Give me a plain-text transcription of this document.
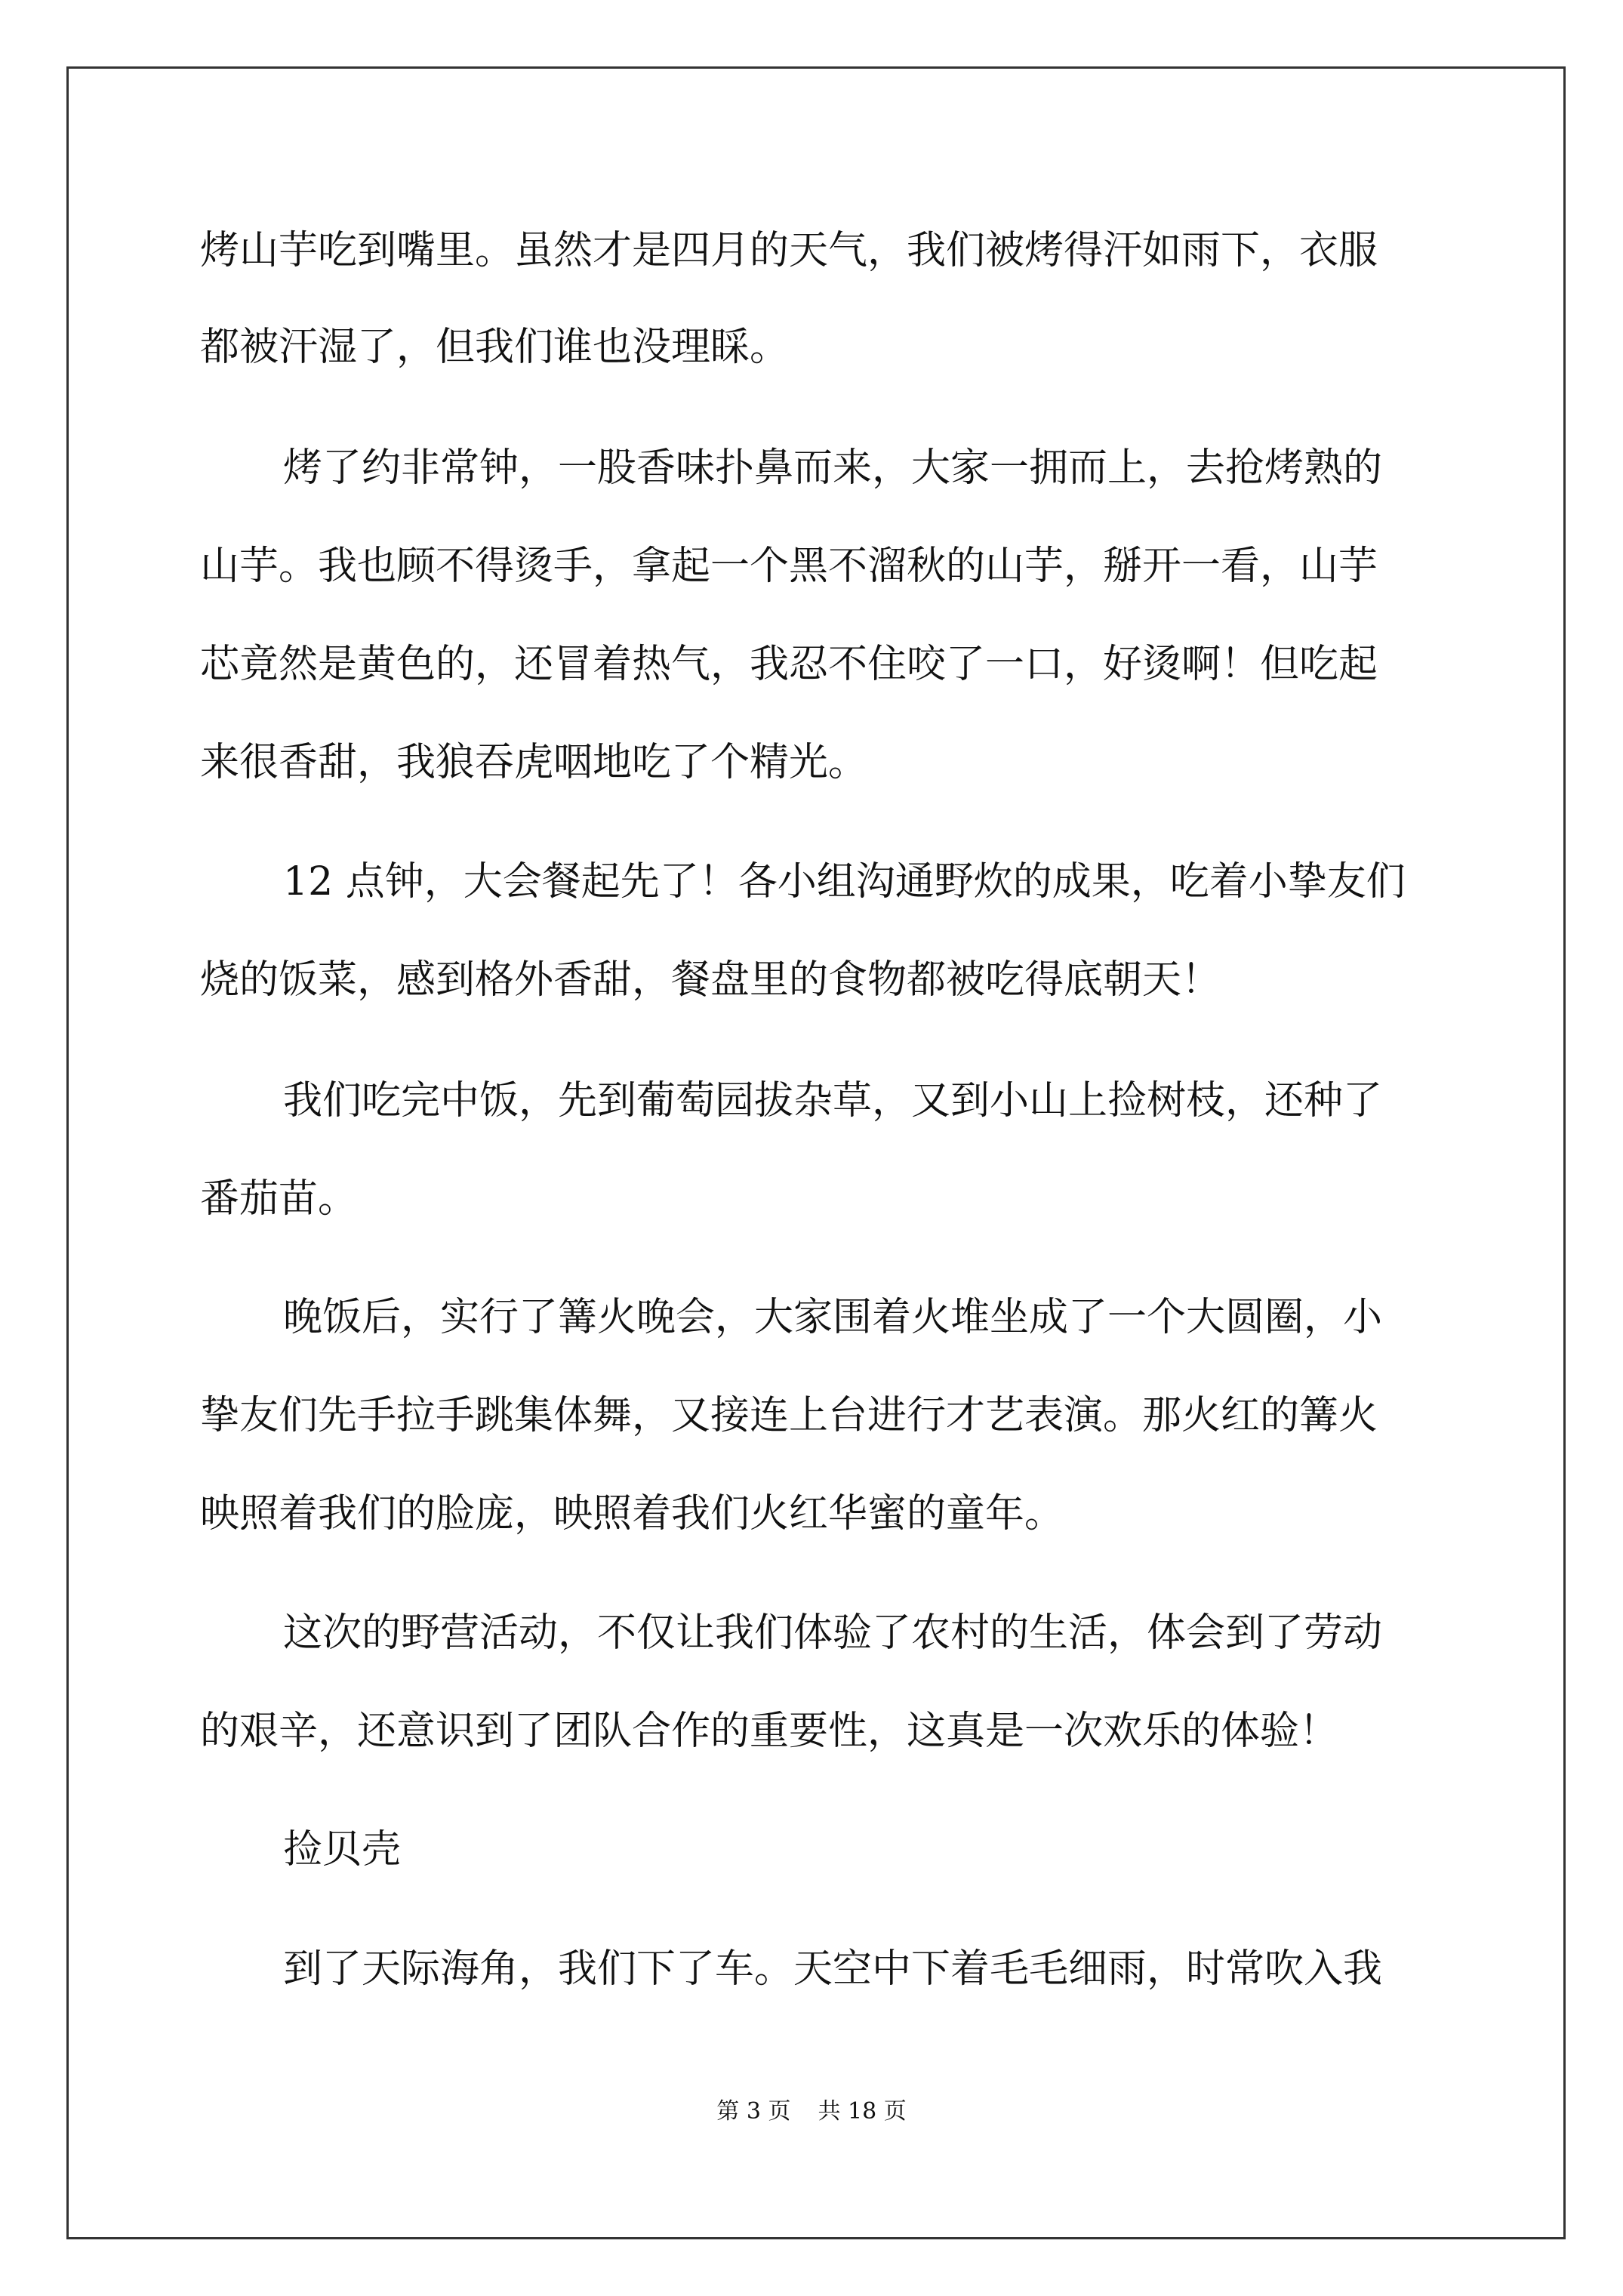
烤山芋吃到嘴里。虽然才是四月的天气，我们被烤得汗如雨下，衣服
都被汗湿了，但我们谁也没理睬。
烤了约非常钟，一股香味扑鼻而来，大家一拥而上，去抢烤熟的
山芋。我也顾不得烫手，拿起一个黑不溜秋的山芋，掰开一看，山芋
芯竟然是黄色的，还冒着热气，我忍不住咬了一口，好烫啊！但吃起
来很香甜，我狼吞虎咽地吃了个精光。
12 点钟，大会餐起先了！各小组沟通野炊的成果，吃着小挚友们
烧的饭菜，感到格外香甜，餐盘里的食物都被吃得底朝天！
我们吃完中饭，先到葡萄园拔杂草，又到小山上捡树枝，还种了
番茄苗。
晚饭后，实行了篝火晚会，大家围着火堆坐成了一个大圆圈，小
挚友们先手拉手跳集体舞，又接连上台进行才艺表演。那火红的篝火
映照着我们的脸庞，映照着我们火红华蜜的童年。
这次的野营活动，不仅让我们体验了农村的生活，体会到了劳动
的艰辛，还意识到了团队合作的重要性，这真是一次欢乐的体验！
捡贝壳
到了天际海角，我们下了车。天空中下着毛毛细雨，时常吹入我
第 3 页 共 18 页
